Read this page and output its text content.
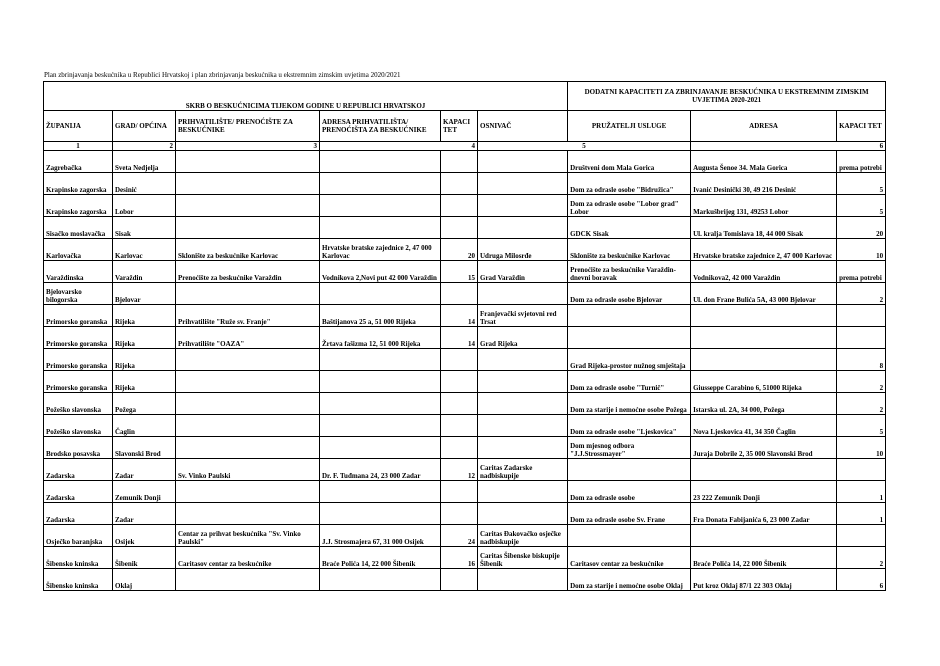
Plan zbrinjavanja beskućnika u Republici Hrvatskoj i plan zbrinjavanja beskućnika u ekstremnim zimskim uvjetima 2020/2021
SKRB O BESKUĆNICIMA TIJEKOM GODINE U REPUBLICI HRVATSKOJ						DODATNI KAPACITETI ZA ZBRINJAVANJE BESKUĆNIKA U EKSTREMNIM ZIMSKIM UVJETIMA 2020-2021		
ŽUPANIJA	GRAD/ OPĆINA	PRIHVATILIŠTE/ PRENOĆIŠTE ZA BESKUĆNIKE	ADRESA PRIHVATILIŠTA/ PRENOĆIŠTA ZA BESKUĆNIKE	KAPACI TET	OSNIVAČ	PRUŽATELJI USLUGE	ADRESA	KAPACI TET
1	2	3	4		5		6	
Zagrebačka	Sveta Nedjelja					Društveni dom Mala Gorica	Augusta Šenoe 34. Mala Gorica	prema potrebi
Krapinsko zagorska	Desinić					Dom za odrasle osobe "Bidružica"	Ivanić Desinički 30, 49 216 Desinić	5
Krapinsko zagorska	Lobor					Dom za odrasle osobe "Lobor grad" Lobor	Markušbrijeg 131, 49253 Lobor	5
Sisačko moslavačka	Sisak					GDCK Sisak	Ul. kralja Tomislava 18, 44 000 Sisak	20
Karlovačka	Karlovac	Sklonište za beskućnike Karlovac	Hrvatske bratske zajednice 2, 47 000 Karlovac	20	Udruga Milosrđe	Sklonište za beskućnike Karlovac	Hrvatske bratske zajednice 2, 47 000 Karlovac	10
Varaždinska	Varaždin	Prenoćište za beskućnike Varaždin	Vodnikova 2,Novi put 42 000 Varaždin	15	Grad Varaždin	Prenoćište za beskućnike Varaždin- dnevni boravak	Vodnikova2, 42 000 Varaždin	prema potrebi
Bjelovarsko bilogorska	Bjelovar					Dom za odrasle osobe Bjelovar	Ul. don Frane Bulića 5A, 43 000 Bjelovar	2
Primorsko goranska	Rijeka	Prihvatilište "Ruže sv. Franje"	Baštijanova 25 a, 51 000 Rijeka	14	Franjevački svjetovni red Trsat			
Primorsko goranska	Rijeka	Prihvatilište "OAZA"	Žrtava fašizma 12, 51 000 Rijeka	14	Grad Rijeka			
Primorsko goranska	Rijeka					Grad Rijeka-prostor nužnog smještaja		8
Primorsko goranska	Rijeka					Dom za odrasle osobe "Turnič"	Giusseppe Carabino 6, 51000 Rijeka	2
Požeško slavonska	Požega					Dom za starije i nemoćne osobe Požega	Istarska ul. 2A, 34 000, Požega	2
Požeško slavonska	Čaglin					Dom za odrasle osobe "Ljeskovica"	Nova Ljeskovica 41, 34 350 Čaglin	5
Brodsko posavska	Slavonski Brod					Dom mjesnog odbora "J.J.Strossmayer"	Juraja Dobrile 2, 35 000 Slavonski Brod	10
Zadarska	Zadar	Sv. Vinko Paulski	Dr. F. Tuđmana 24, 23 000 Zadar	12	Caritas Zadarske nadbiskupije			
Zadarska	Zemunik Donji					Dom za odrasle osobe	23 222 Zemunik Donji	1
Zadarska	Zadar					Dom za odrasle osobe Sv. Frane	Fra Donata Fabijanića 6, 23 000 Zadar	1
Osječko baranjska	Osijek	Centar za prihvat beskućnika "Sv. Vinko Paulski"	J.J. Strosmajera 67, 31 000 Osijek	24	Caritas Đakovačko osječke nadbiskupije			
Šibensko kninska	Šibenik	Caritasov centar za beskućnike	Braće Polića 14, 22 000 Šibenik	16	Caritas Šibenske biskupije Šibenik	Caritasov centar za beskućnike	Braće Polića 14, 22 000 Šibenik	2
Šibensko kninska	Oklaj					Dom za starije i nemoćne osobe Oklaj	Put kroz Oklaj 87/1 22 303 Oklaj	6
